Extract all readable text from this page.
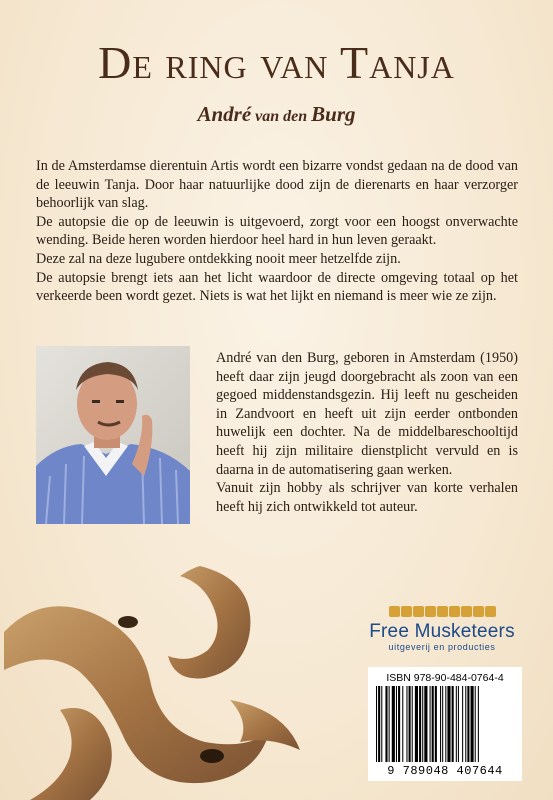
De ring van Tanja
André van den Burg

In de Amsterdamse dierentuin Artis wordt een bizarre vondst gedaan na de dood van de leeuwin Tanja. Door haar natuurlijke dood zijn de dierenarts en haar verzorger behoorlijk van slag.

De autopsie die op de leeuwin is uitgevoerd, zorgt voor een hoogst onverwachte wending. Beide heren worden hierdoor heel hard in hun leven geraakt.

Deze zal na deze lugubere ontdekking nooit meer hetzelfde zijn.

De autopsie brengt iets aan het licht waardoor de directe omgeving totaal op het verkeerde been wordt gezet. Niets is wat het lijkt en niemand is meer wie ze zijn.

André van den Burg, geboren in Amsterdam (1950) heeft daar zijn jeugd doorgebracht als zoon van een gegoed middenstandsgezin. Hij leeft nu gescheiden in Zandvoort en heeft uit zijn eerder ontbonden huwelijk een dochter. Na de middelbareschooltijd heeft hij zijn militaire dienstplicht vervuld en is daarna in de automatisering gaan werken.

Vanuit zijn hobby als schrijver van korte verhalen heeft hij zich ontwikkeld tot auteur.

Free Musketeers
uitgeverij en producties
ISBN 978-90-484-0764-4
9 789048 407644
